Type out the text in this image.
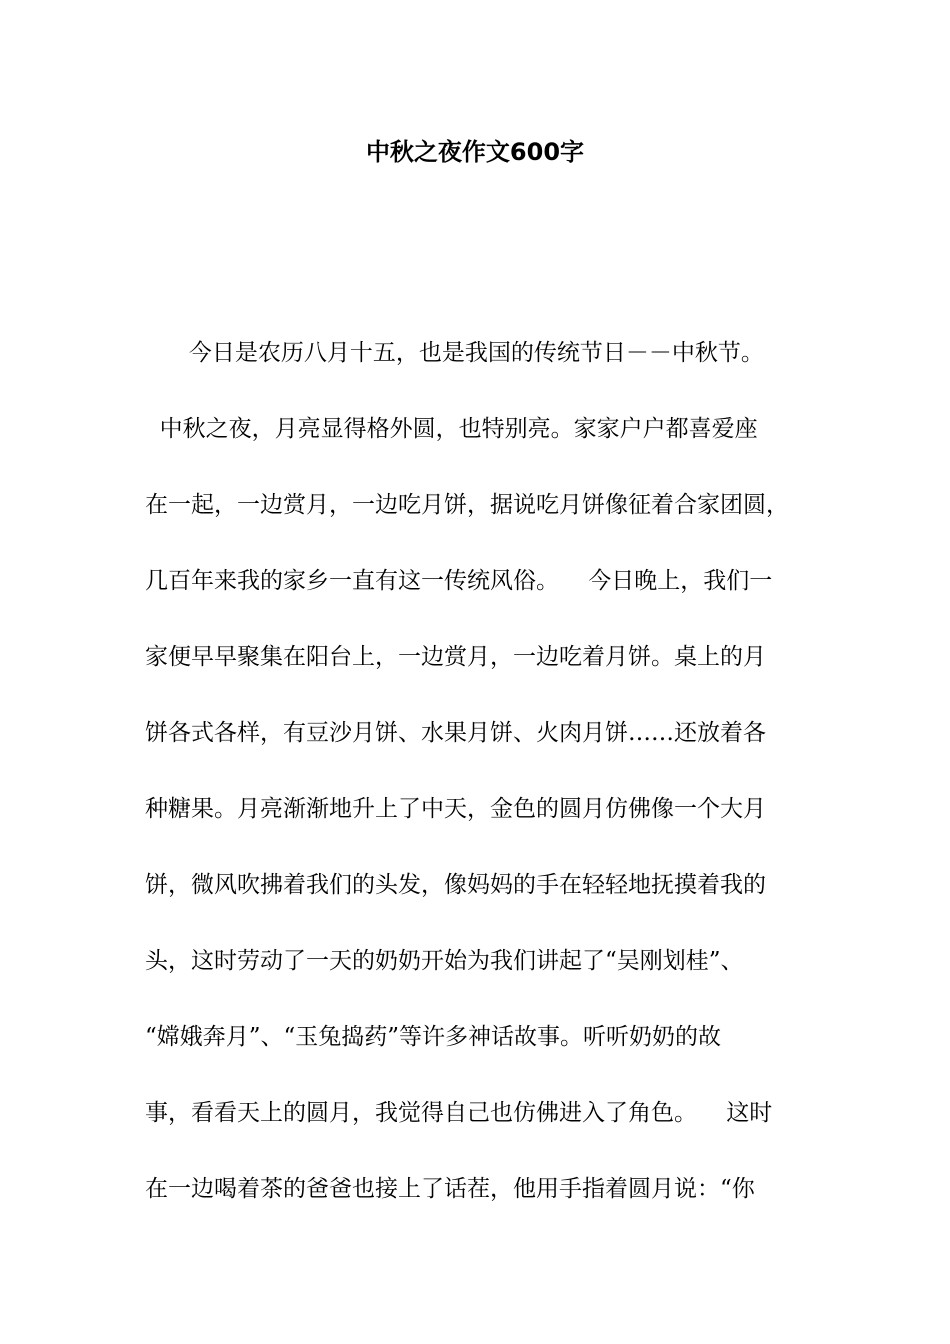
中秋之夜作文600字
今日是农历八月十五，也是我国的传统节日－－中秋节。
中秋之夜，月亮显得格外圆，也特别亮。家家户户都喜爱座
在一起，一边赏月，一边吃月饼，据说吃月饼像征着合家团圆，
几百年来我的家乡一直有这一传统风俗。    今日晚上，我们一
家便早早聚集在阳台上，一边赏月，一边吃着月饼。桌上的月
饼各式各样，有豆沙月饼、水果月饼、火肉月饼……还放着各
种糖果。月亮渐渐地升上了中天，金色的圆月仿佛像一个大月
饼，微风吹拂着我们的头发，像妈妈的手在轻轻地抚摸着我的
头，这时劳动了一天的奶奶开始为我们讲起了“吴刚划桂”、
“嫦娥奔月”、“玉兔捣药”等许多神话故事。听听奶奶的故
事，看看天上的圆月，我觉得自己也仿佛进入了角色。    这时
在一边喝着茶的爸爸也接上了话茬，他用手指着圆月说：“你
